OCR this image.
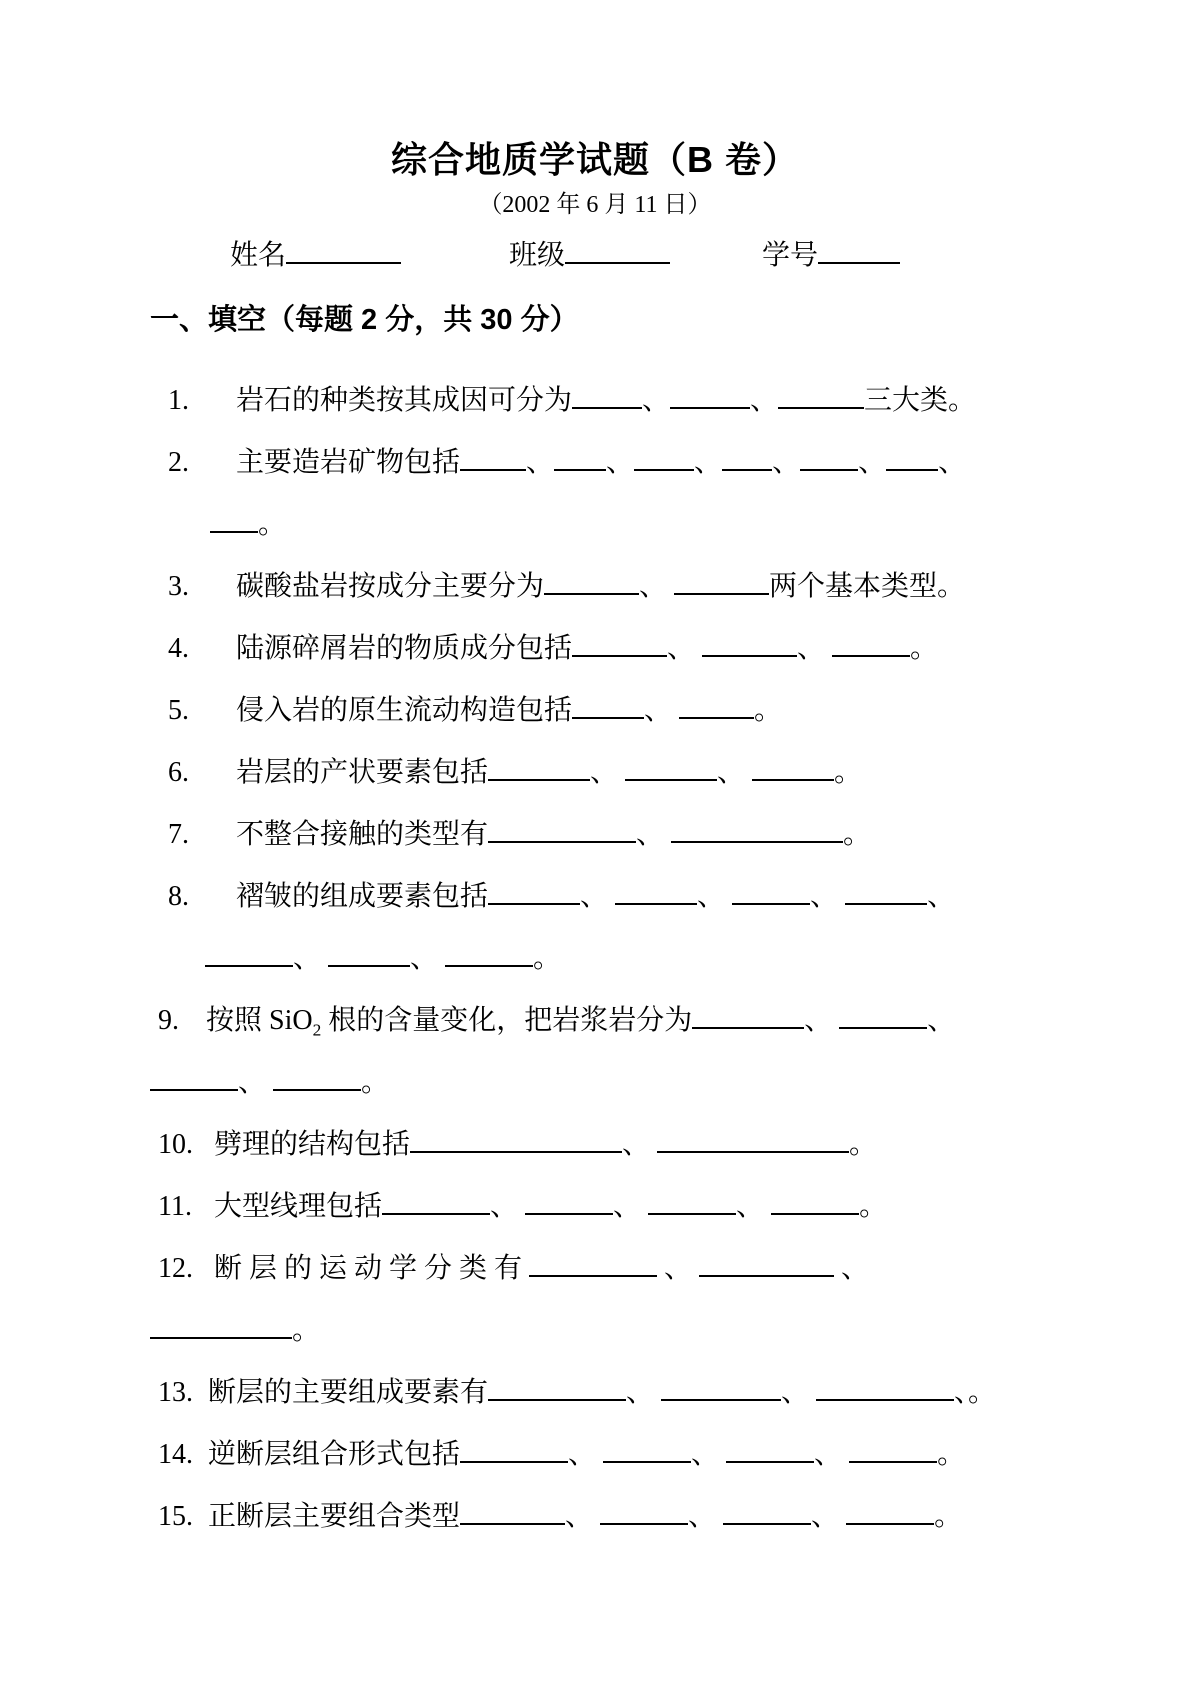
综合地质学试题（B 卷）
（2002 年 6 月 11 日）
姓名	班级	学号
一、填空（每题 2 分，共 30 分）
1. 岩石的种类按其成因可分为	、	、	三大类。
2. 主要造岩矿物包括 、 、 、 、 、 、
。
3. 碳酸盐岩按成分主要分为	、	两个基本类型。
4. 陆源碎屑岩的物质成分包括	、	、	。
5. 侵入岩的原生流动构造包括	、	。
6. 岩层的产状要素包括	、	、	。
7. 不整合接触的类型有	、	。
8. 褶皱的组成要素包括	、	、	、	、
、	、	。
9. 按照 SiO$_2$ 根的含量变化，把岩浆岩分为	、	、
、	。
10. 劈理的结构包括	、	。
11. 大型线理包括	、	、	、	。
12. 断 层 的 运 动 学 分 类 有	、	、
。
13. 断层的主要组成要素有	、	、	、。
14. 逆断层组合形式包括	、	、	、	。
15. 正断层主要组合类型	、	、	、	。
